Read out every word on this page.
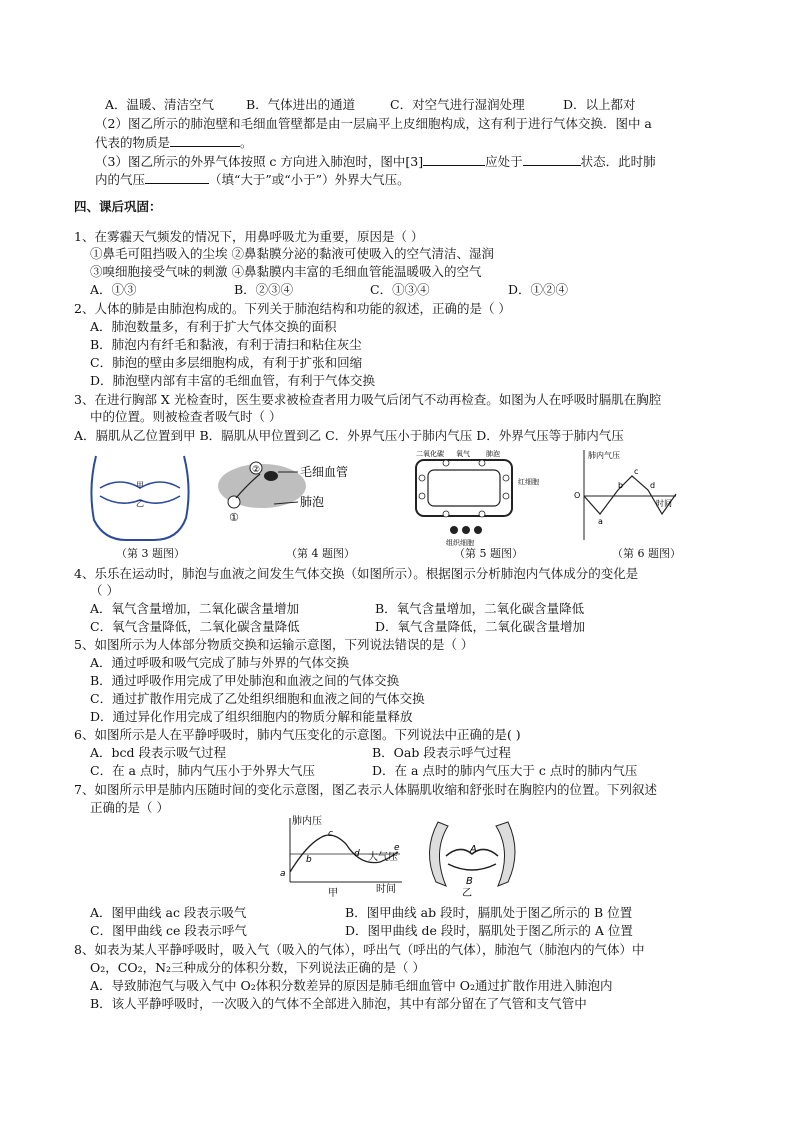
A．温暖、清洁空气	B．气体进出的通道	C．对空气进行湿润处理	D．以上都对
（2）图乙所示的肺泡壁和毛细血管壁都是由一层扁平上皮细胞构成，这有利于进行气体交换．图中 a
代表的物质是	。
（3）图乙所示的外界气体按照 c 方向进入肺泡时，图中[3]	应处于	状态．此时肺
内的气压	（填“大于”或“小于”）外界大气压。
四、课后巩固：
1、在雾霾天气频发的情况下，用鼻呼吸尤为重要，原因是（ ）
①鼻毛可阻挡吸入的尘埃 ②鼻黏膜分泌的黏液可使吸入的空气清洁、湿润
③嗅细胞接受气味的刺激 ④鼻黏膜内丰富的毛细血管能温暖吸入的空气
A．①③	B．②③④	C．①③④	D．①②④
2、人体的肺是由肺泡构成的。下列关于肺泡结构和功能的叙述，正确的是（ ）
A．肺泡数量多，有利于扩大气体交换的面积
B．肺泡内有纤毛和黏液，有利于清扫和粘住灰尘
C．肺泡的壁由多层细胞构成，有利于扩张和回缩
D．肺泡壁内部有丰富的毛细血管，有利于气体交换
3、在进行胸部 X 光检查时，医生要求被检查者用力吸气后闭气不动再检查。如图为人在呼吸时膈肌在胸腔
中的位置。则被检查者吸气时（ ）
A．膈肌从乙位置到甲 B．膈肌从甲位置到乙 C．外界气压小于肺内气压 D．外界气压等于肺内气压
甲
乙
②
①
毛细血管
肺泡
二氧化碳 氧气 肺泡
红细胞
组织细胞
肺内气压
O
时间
a
b
c
d
（第 3 题图）	（第 4 题图）	（第 5 题图）	（第 6 题图）
4、乐乐在运动时，肺泡与血液之间发生气体交换（如图所示）。根据图示分析肺泡内气体成分的变化是
（ ）
A．氧气含量增加，二氧化碳含量增加	B．氧气含量增加，二氧化碳含量降低
C．氧气含量降低，二氧化碳含量降低	D．氧气含量降低，二氧化碳含量增加
5、如图所示为人体部分物质交换和运输示意图，下列说法错误的是（ ）
A．通过呼吸和吸气完成了肺与外界的气体交换
B．通过呼吸作用完成了甲处肺泡和血液之间的气体交换
C．通过扩散作用完成了乙处组织细胞和血液之间的气体交换
D．通过异化作用完成了组织细胞内的物质分解和能量释放
6、如图所示是人在平静呼吸时，肺内气压变化的示意图。下列说法中正确的是( )
A．bcd 段表示吸气过程	B．Oab 段表示呼气过程
C．在 a 点时，肺内气压小于外界大气压	D．在 a 点时的肺内气压大于 c 点时的肺内气压
7、如图所示甲是肺内压随时间的变化示意图，图乙表示人体膈肌收缩和舒张时在胸腔内的位置。下列叙述
正确的是（ ）
肺内压
大气压
时间
甲
a
b
c
d
e	A
B
乙
A．图甲曲线 ac 段表示吸气	B．图甲曲线 ab 段时，膈肌处于图乙所示的 B 位置
C．图甲曲线 ce 段表示呼气	D．图甲曲线 de 段时，膈肌处于图乙所示的 A 位置
8、如表为某人平静呼吸时，吸入气（吸入的气体），呼出气（呼出的气体），肺泡气（肺泡内的气体）中
O₂，CO₂，N₂三种成分的体积分数，下列说法正确的是（ ）
A．导致肺泡气与吸入气中 O₂体积分数差异的原因是肺毛细血管中 O₂通过扩散作用进入肺泡内
B．该人平静呼吸时，一次吸入的气体不全部进入肺泡，其中有部分留在了气管和支气管中
